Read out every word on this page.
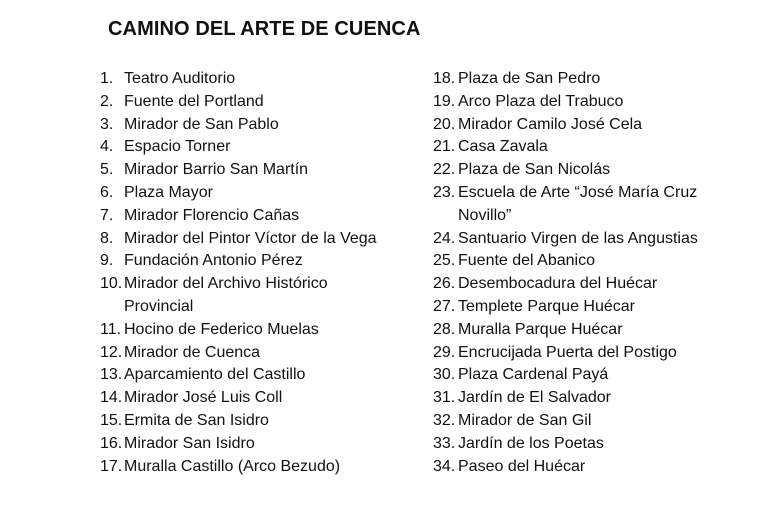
CAMINO DEL ARTE DE CUENCA
1. Teatro Auditorio
2. Fuente del Portland
3. Mirador de San Pablo
4. Espacio Torner
5. Mirador Barrio San Martín
6. Plaza Mayor
7. Mirador Florencio Cañas
8. Mirador del Pintor Víctor de la Vega
9. Fundación Antonio Pérez
10. Mirador del Archivo Histórico Provincial
11. Hocino de Federico Muelas
12. Mirador de Cuenca
13. Aparcamiento del Castillo
14. Mirador José Luis Coll
15. Ermita de San Isidro
16. Mirador San Isidro
17. Muralla Castillo (Arco Bezudo)
18. Plaza de San Pedro
19. Arco Plaza del Trabuco
20. Mirador Camilo José Cela
21. Casa Zavala
22. Plaza de San Nicolás
23. Escuela de Arte “José María Cruz Novillo”
24. Santuario Virgen de las Angustias
25. Fuente del Abanico
26. Desembocadura del Huécar
27. Templete Parque Huécar
28. Muralla Parque Huécar
29. Encrucijada Puerta del Postigo
30. Plaza Cardenal Payá
31. Jardín de El Salvador
32. Mirador de San Gil
33. Jardín de los Poetas
34. Paseo del Huécar
